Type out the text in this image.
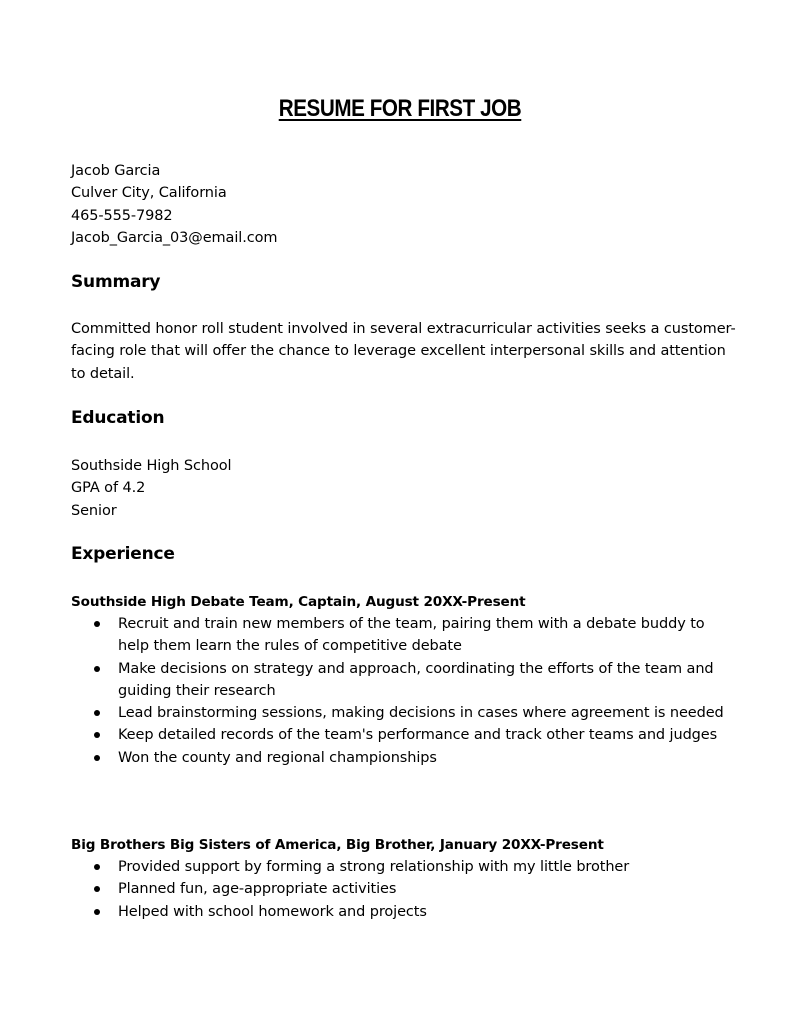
RESUME FOR FIRST JOB
Jacob Garcia
Culver City, California
465-555-7982
Jacob_Garcia_03@email.com
Summary
Committed honor roll student involved in several extracurricular activities seeks a customer-facing role that will offer the chance to leverage excellent interpersonal skills and attention to detail.
Education
Southside High School
GPA of 4.2
Senior
Experience
Southside High Debate Team, Captain, August 20XX-Present
Recruit and train new members of the team, pairing them with a debate buddy to help them learn the rules of competitive debate
Make decisions on strategy and approach, coordinating the efforts of the team and guiding their research
Lead brainstorming sessions, making decisions in cases where agreement is needed
Keep detailed records of the team's performance and track other teams and judges
Won the county and regional championships
Big Brothers Big Sisters of America, Big Brother, January 20XX-Present
Provided support by forming a strong relationship with my little brother
Planned fun, age-appropriate activities
Helped with school homework and projects
